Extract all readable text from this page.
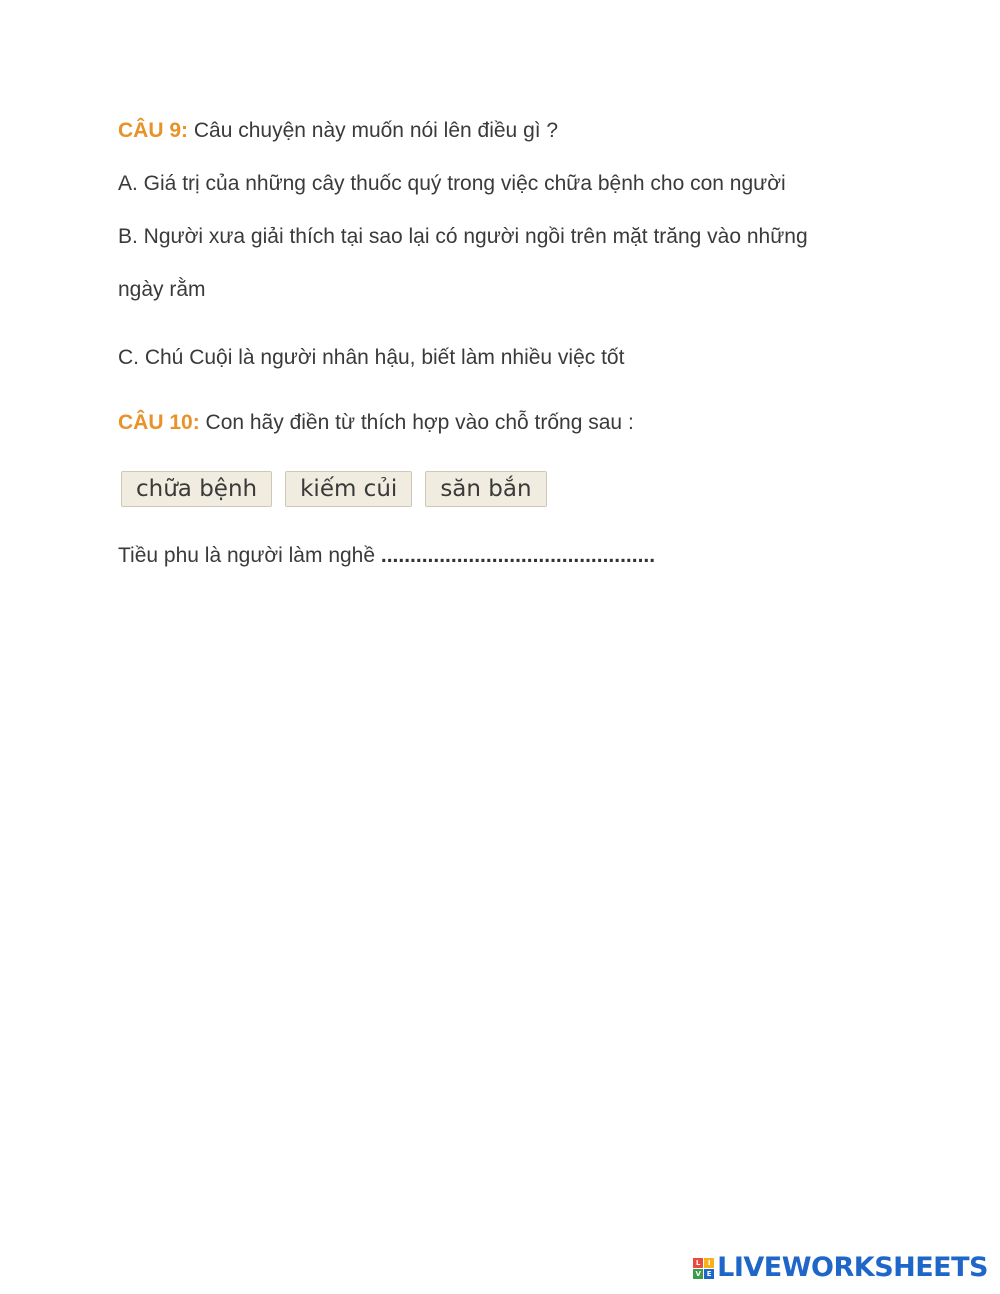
CÂU 9: Câu chuyện này muốn nói lên điều gì ?
A. Giá trị của những cây thuốc quý trong việc chữa bệnh cho con người
B. Người xưa giải thích tại sao lại có người ngồi trên mặt trăng vào những
ngày rằm
C. Chú Cuội là người nhân hậu, biết làm nhiều việc tốt
CÂU 10: Con hãy điền từ thích hợp vào chỗ trống sau :
chữa bệnh	kiếm củi	săn bắn
Tiều phu là người làm nghề ...............................................
L	I
V E LIVEWORKSHEETS
